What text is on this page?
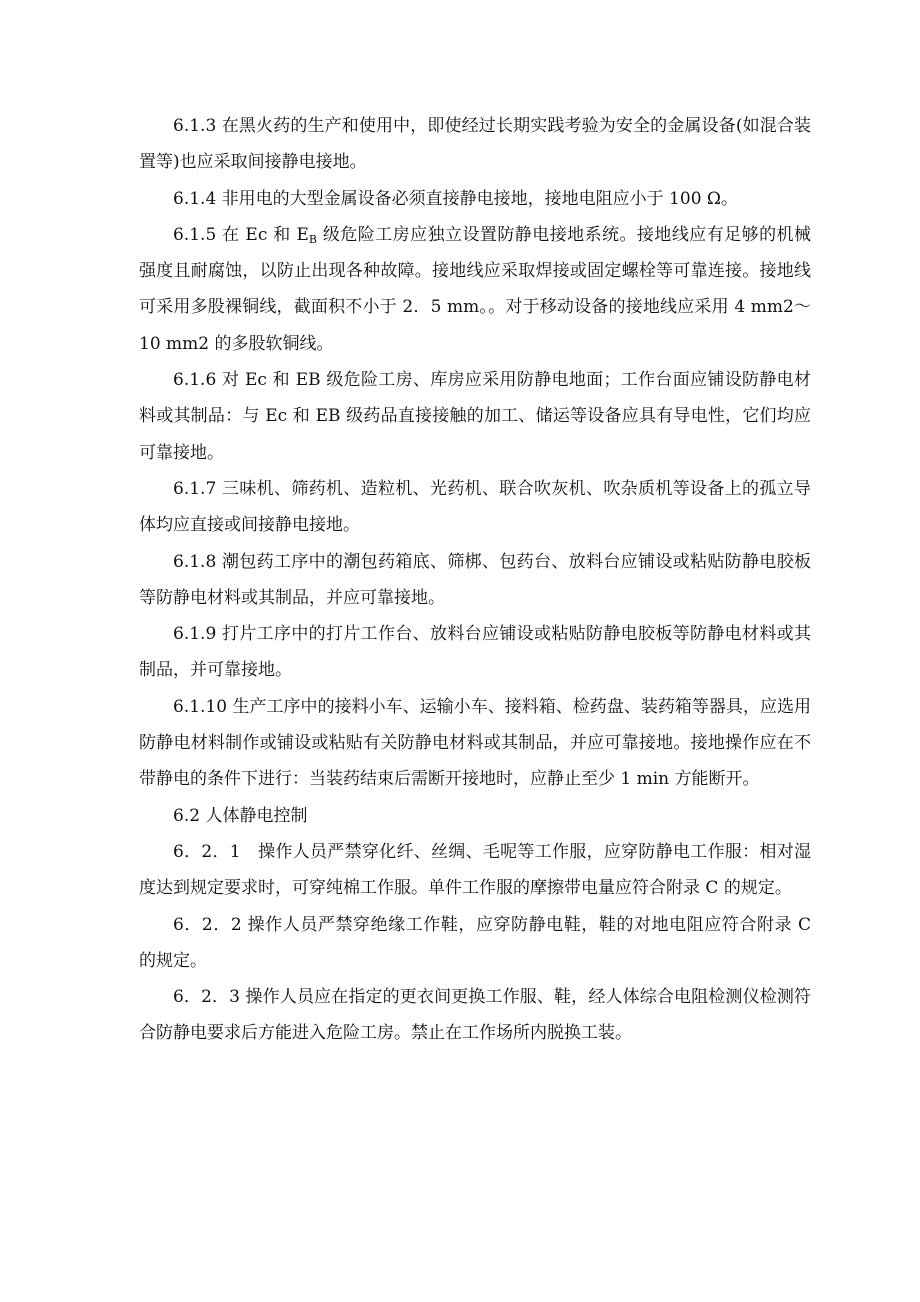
6.1.3 在黑火药的生产和使用中，即使经过长期实践考验为安全的金属设备(如混合装置等)也应采取间接静电接地。

6.1.4 非用电的大型金属设备必须直接静电接地，接地电阻应小于 100 Ω。

6.1.5 在 Ec 和 $E_B$ 级危险工房应独立设置防静电接地系统。接地线应有足够的机械强度且耐腐蚀，以防止出现各种故障。接地线应采取焊接或固定螺栓等可靠连接。接地线可采用多股裸铜线，截面积不小于 2．5 mm。。对于移动设备的接地线应采用 4 mm2～10 mm2 的多股软铜线。

6.1.6 对 Ec 和 EB 级危险工房、库房应采用防静电地面；工作台面应铺设防静电材料或其制品：与 Ec 和 EB 级药品直接接触的加工、储运等设备应具有导电性，它们均应可靠接地。

6.1.7 三味机、筛药机、造粒机、光药机、联合吹灰机、吹杂质机等设备上的孤立导体均应直接或间接静电接地。

6.1.8 潮包药工序中的潮包药箱底、筛梆、包药台、放料台应铺设或粘贴防静电胶板等防静电材料或其制品，并应可靠接地。

6.1.9 打片工序中的打片工作台、放料台应铺设或粘贴防静电胶板等防静电材料或其制品，并可靠接地。

6.1.10 生产工序中的接料小车、运输小车、接料箱、检药盘、装药箱等器具，应选用防静电材料制作或铺设或粘贴有关防静电材料或其制品，并应可靠接地。接地操作应在不带静电的条件下进行：当装药结束后需断开接地时，应静止至少 1 min 方能断开。

6.2 人体静电控制

6．2．1　操作人员严禁穿化纤、丝绸、毛呢等工作服，应穿防静电工作服：相对湿度达到规定要求时，可穿纯棉工作服。单件工作服的摩擦带电量应符合附录 C 的规定。

6．2．2 操作人员严禁穿绝缘工作鞋，应穿防静电鞋，鞋的对地电阻应符合附录 C 的规定。

6．2．3 操作人员应在指定的更衣间更换工作服、鞋，经人体综合电阻检测仪检测符合防静电要求后方能进入危险工房。禁止在工作场所内脱换工装。
